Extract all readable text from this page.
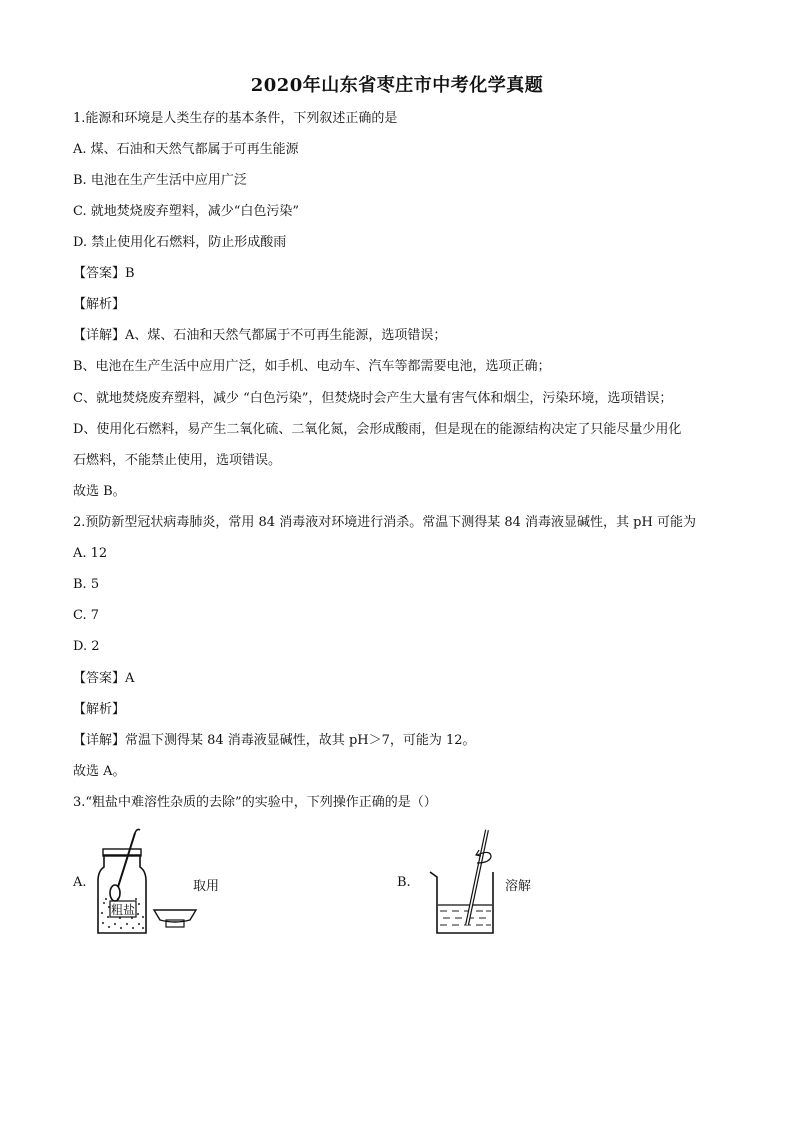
2020年山东省枣庄市中考化学真题
1.能源和环境是人类生存的基本条件，下列叙述正确的是
A. 煤、石油和天然气都属于可再生能源
B. 电池在生产生活中应用广泛
C. 就地焚烧废弃塑料，减少“白色污染”
D. 禁止使用化石燃料，防止形成酸雨
【答案】B
【解析】
【详解】A、煤、石油和天然气都属于不可再生能源，选项错误；
B、电池在生产生活中应用广泛，如手机、电动车、汽车等都需要电池，选项正确；
C、就地焚烧废弃塑料，减少 “白色污染”，但焚烧时会产生大量有害气体和烟尘，污染环境，选项错误；
D、使用化石燃料，易产生二氧化硫、二氧化氮，会形成酸雨，但是现在的能源结构决定了只能尽量少用化
石燃料，不能禁止使用，选项错误。
故选 B。
2.预防新型冠状病毒肺炎，常用 84 消毒液对环境进行消杀。常温下测得某 84 消毒液显碱性，其 pH 可能为
A. 12
B. 5
C. 7
D. 2
【答案】A
【解析】
【详解】常温下测得某 84 消毒液显碱性，故其 pH＞7，可能为 12。
故选 A。
3.“粗盐中难溶性杂质的去除”的实验中，下列操作正确的是（）
A.
粗盐
取用	B.	溶解
